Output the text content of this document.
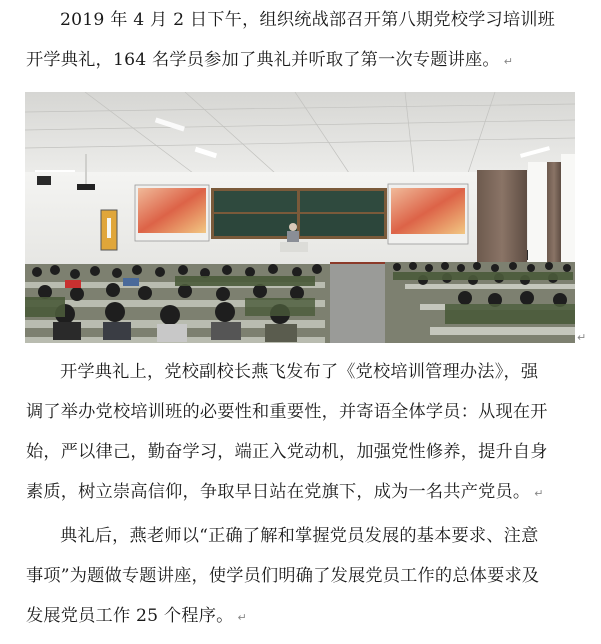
2019 年 4 月 2 日下午，组织统战部召开第八期党校学习培训班
开学典礼，164 名学员参加了典礼并听取了第一次专题讲座。 ↵
↵
开学典礼上，党校副校长燕飞发布了《党校培训管理办法》，强
调了举办党校培训班的必要性和重要性，并寄语全体学员：从现在开
始，严以律己，勤奋学习，端正入党动机，加强党性修养，提升自身
素质，树立崇高信仰，争取早日站在党旗下，成为一名共产党员。 ↵
典礼后，燕老师以“正确了解和掌握党员发展的基本要求、注意
事项”为题做专题讲座，使学员们明确了发展党员工作的总体要求及
发展党员工作 25 个程序。 ↵
